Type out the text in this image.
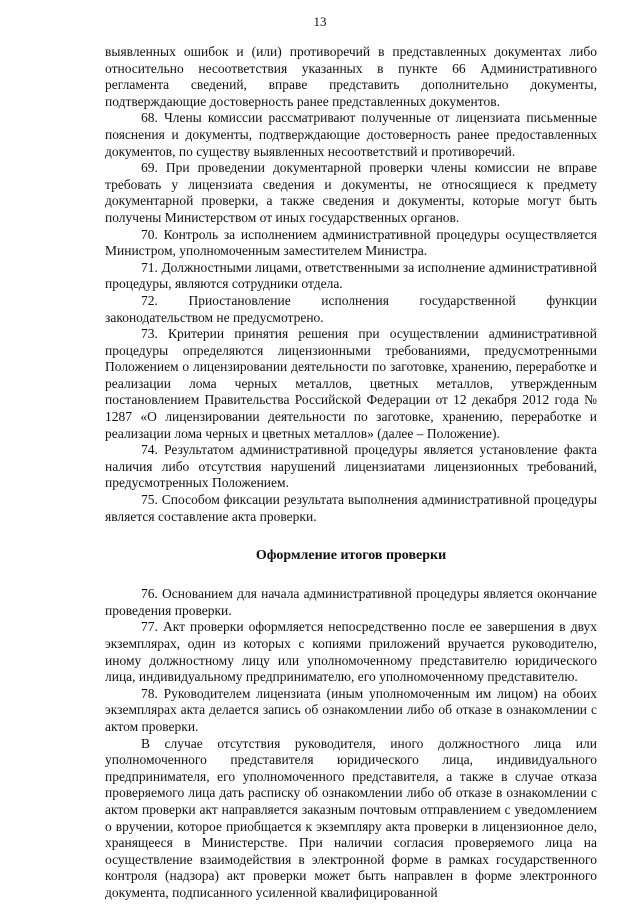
13

выявленных ошибок и (или) противоречий в представленных документах либо относительно несоответствия указанных в пункте 66 Административного регламента сведений, вправе представить дополнительно документы, подтверждающие достоверность ранее представленных документов.

68. Члены комиссии рассматривают полученные от лицензиата письменные пояснения и документы, подтверждающие достоверность ранее предоставленных документов, по существу выявленных несоответствий и противоречий.

69. При проведении документарной проверки члены комиссии не вправе требовать у лицензиата сведения и документы, не относящиеся к предмету документарной проверки, а также сведения и документы, которые могут быть получены Министерством от иных государственных органов.

70. Контроль за исполнением административной процедуры осуществляется Министром, уполномоченным заместителем Министра.

71. Должностными лицами, ответственными за исполнение административной процедуры, являются сотрудники отдела.

72. Приостановление исполнения государственной функции законодательством не предусмотрено.

73. Критерии принятия решения при осуществлении административной процедуры определяются лицензионными требованиями, предусмотренными Положением о лицензировании деятельности по заготовке, хранению, переработке и реализации лома черных металлов, цветных металлов, утвержденным постановлением Правительства Российской Федерации от 12 декабря 2012 года № 1287 «О лицензировании деятельности по заготовке, хранению, переработке и реализации лома черных и цветных металлов» (далее – Положение).

74. Результатом административной процедуры является установление факта наличия либо отсутствия нарушений лицензиатами лицензионных требований, предусмотренных Положением.

75. Способом фикcации результата выполнения административной процедуры является составление акта проверки.

Оформление итогов проверки

76. Основанием для начала административной процедуры является окончание проведения проверки.

77. Акт проверки оформляется непосредственно после ее завершения в двух экземплярах, один из которых с копиями приложений вручается руководителю, иному должностному лицу или уполномоченному представителю юридического лица, индивидуальному предпринимателю, его уполномоченному представителю.

78. Руководителем лицензиата (иным уполномоченным им лицом) на обоих экземплярах акта делается запись об ознакомлении либо об отказе в ознакомлении с актом проверки.

В случае отсутствия руководителя, иного должностного лица или уполномоченного представителя юридического лица, индивидуального предпринимателя, его уполномоченного представителя, а также в случае отказа проверяемого лица дать расписку об ознакомлении либо об отказе в ознакомлении с актом проверки акт направляется заказным почтовым отправлением с уведомлением о вручении, которое приобщается к экземпляру акта проверки в лицензионное дело, хранящееся в Министерстве. При наличии согласия проверяемого лица на осуществление взаимодействия в электронной форме в рамках государственного контроля (надзора) акт проверки может быть направлен в форме электронного документа, подписанного усиленной квалифицированной
